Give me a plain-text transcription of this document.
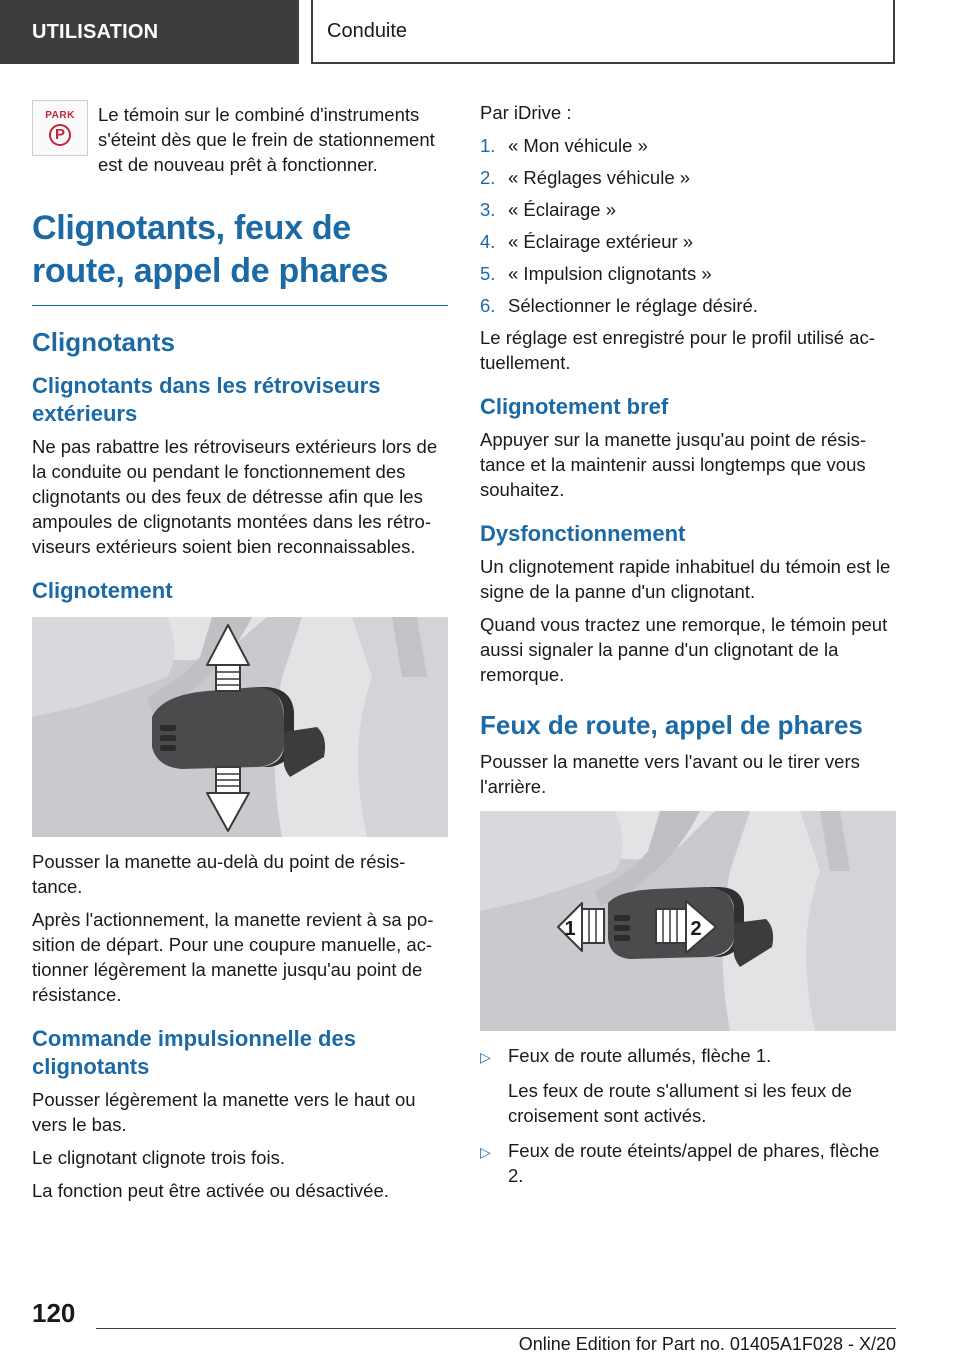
UTILISATION	Conduite
PARK
P

Le témoin sur le combiné d'instruments s'éteint dès que le frein de stationnement est de nouveau prêt à fonctionner.

Clignotants, feux de route, appel de phares
Clignotants
Clignotants dans les rétroviseurs extérieurs

Ne pas rabattre les rétroviseurs extérieurs lors de la conduite ou pendant le fonctionnement des clignotants ou des feux de détresse afin que les ampoules de clignotants montées dans les rétroviseurs extérieurs soient bien reconnaissables.

Clignotement

Pousser la manette au-delà du point de résistance.

Après l'actionnement, la manette revient à sa position de départ. Pour une coupure manuelle, actionner légèrement la manette jusqu'au point de résistance.

Commande impulsionnelle des clignotants

Pousser légèrement la manette vers le haut ou vers le bas.

Le clignotant clignote trois fois.

La fonction peut être activée ou désactivée.

Par iDrive :

1. « Mon véhicule »
2. « Réglages véhicule »
3. « Éclairage »
4. « Éclairage extérieur »
5. « Impulsion clignotants »
6. Sélectionner le réglage désiré.

Le réglage est enregistré pour le profil utilisé actuellement.

Clignotement bref

Appuyer sur la manette jusqu'au point de résistance et la maintenir aussi longtemps que vous souhaitez.

Dysfonctionnement

Un clignotement rapide inhabituel du témoin est le signe de la panne d'un clignotant.

Quand vous tractez une remorque, le témoin peut aussi signaler la panne d'un clignotant de la remorque.

Feux de route, appel de phares

Pousser la manette vers l'avant ou le tirer vers l'arrière.

1	2
▷ Feux de route allumés, flèche 1.
Les feux de route s'allument si les feux de croisement sont activés.
▷ Feux de route éteints/appel de phares, flèche 2.
120
Online Edition for Part no. 01405A1F028 - X/20
